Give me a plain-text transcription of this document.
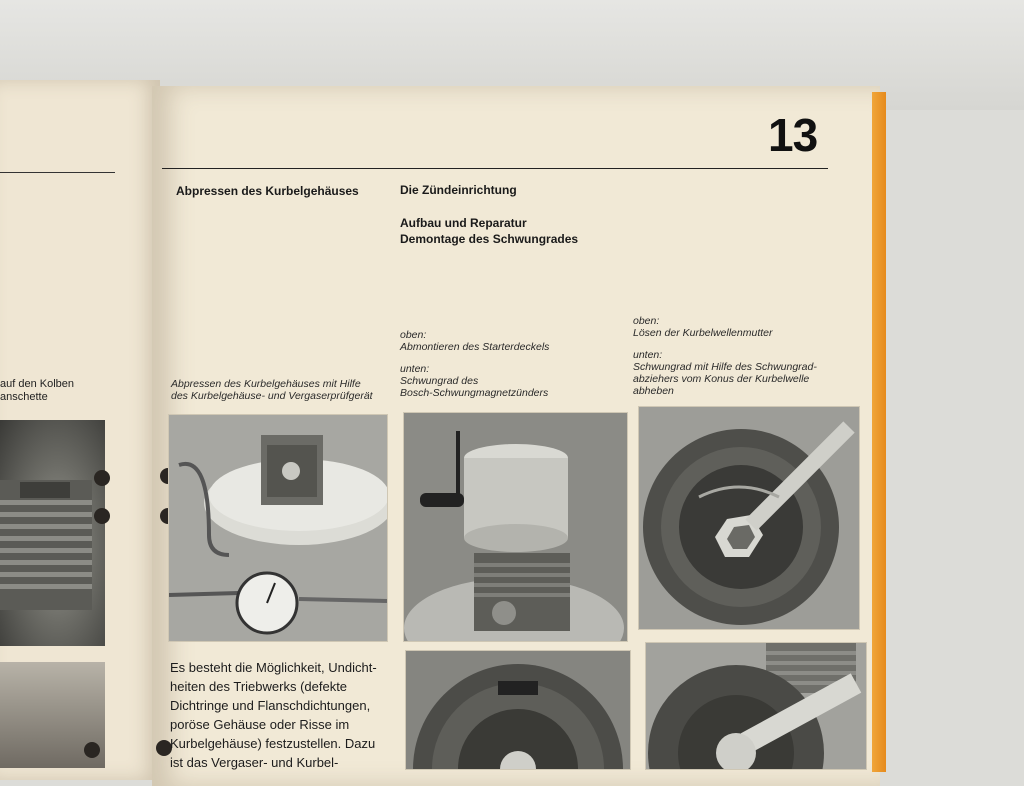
auf den Kolben
anschette
13
Abpressen des Kurbelgehäuses	Die Zündeinrichtung
Aufbau und Reparatur
Demontage des Schwungrades
oben:
Abmontieren des Starterdeckels
unten:
Schwungrad des
Bosch-Schwungmagnetzünders
oben:
Lösen der Kurbelwellenmutter
unten:
Schwungrad mit Hilfe des Schwungrad-
abziehers vom Konus der Kurbelwelle
abheben
Abpressen des Kurbelgehäuses mit Hilfe
des Kurbelgehäuse- und Vergaserprüfgerät
Es besteht die Möglichkeit, Undicht-
heiten des Triebwerks (defekte
Dichtringe und Flanschdichtungen,
poröse Gehäuse oder Risse im
Kurbelgehäuse) festzustellen. Dazu
ist das Vergaser- und Kurbel-
